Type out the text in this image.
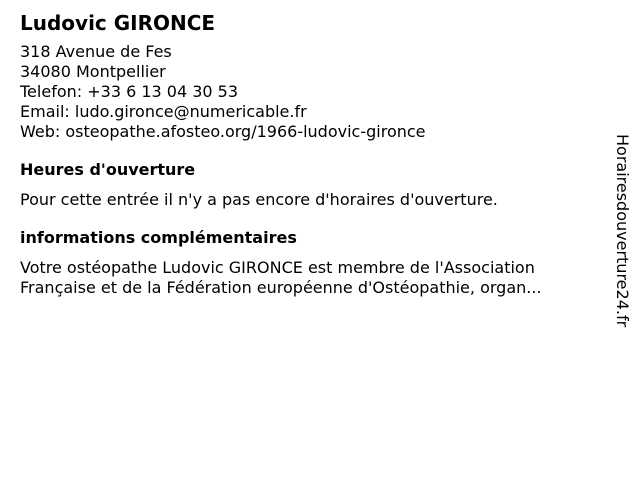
Ludovic GIRONCE
318 Avenue de Fes
34080 Montpellier
Telefon: +33 6 13 04 30 53
Email: ludo.gironce@numericable.fr
Web: osteopathe.afosteo.org/1966-ludovic-gironce
Heures d'ouverture
Pour cette entrée il n'y a pas encore d'horaires d'ouverture.
informations complémentaires
Votre ostéopathe Ludovic GIRONCE est membre de l'Association
Française et de la Fédération européenne d'Ostéopathie, organ...	Horairesdouverture24.fr
